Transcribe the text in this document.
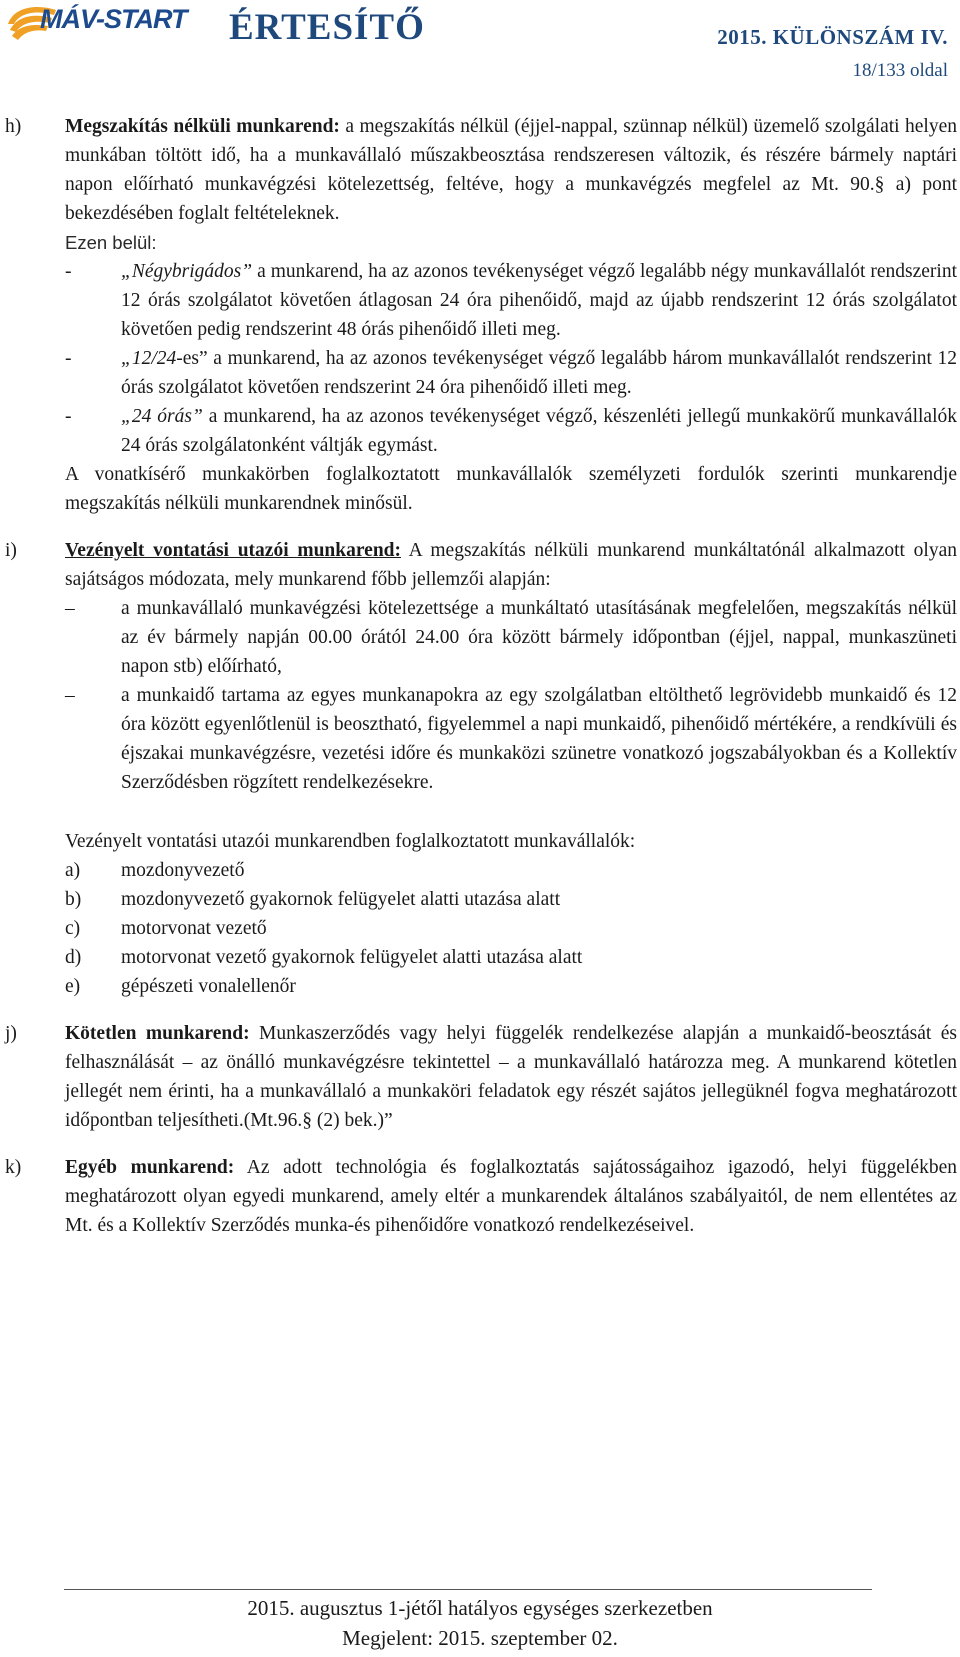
MÁV-START ÉRTESÍTŐ	2015. KÜLÖNSZÁM IV.
18/133 oldal
h) Megszakítás nélküli munkarend: a megszakítás nélkül (éjjel-nappal, szünnap nélkül) üzemelő szolgálati helyen munkában töltött idő, ha a munkavállaló műszakbeosztása rendszeresen változik, és részére bármely naptári napon előírható munkavégzési kötelezettség, feltéve, hogy a munkavégzés megfelel az Mt. 90.§ a) pont bekezdésében foglalt feltételeknek.

Ezen belül:
-	„Négybrigádos” a munkarend, ha az azonos tevékenységet végző legalább négy munkavállalót rendszerint 12 órás szolgálatot követően átlagosan 24 óra pihenőidő, majd az újabb rendszerint 12 órás szolgálatot követően pedig rendszerint 48 órás pihenőidő illeti meg.
-	„12/24-es” a munkarend, ha az azonos tevékenységet végző legalább három munkavállalót rendszerint 12 órás szolgálatot követően rendszerint 24 óra pihenőidő illeti meg.
-	„24 órás” a munkarend, ha az azonos tevékenységet végző, készenléti jellegű munkakörű munkavállalók 24 órás szolgálatonként váltják egymást.

A vonatkísérő munkakörben foglalkoztatott munkavállalók személyzeti fordulók szerinti munkarendje megszakítás nélküli munkarendnek minősül.

i) Vezényelt vontatási utazói munkarend: A megszakítás nélküli munkarend munkáltatónál alkalmazott olyan sajátságos módozata, mely munkarend főbb jellemzői alapján:

– a munkavállaló munkavégzési kötelezettsége a munkáltató utasításának megfelelően, megszakítás nélkül az év bármely napján 00.00 órától 24.00 óra között bármely időpontban (éjjel, nappal, munkaszüneti napon stb) előírható,
– a munkaidő tartama az egyes munkanapokra az egy szolgálatban eltölthető legrövidebb munkaidő és 12 óra között egyenlőtlenül is beosztható, figyelemmel a napi munkaidő, pihenőidő mértékére, a rendkívüli és éjszakai munkavégzésre, vezetési időre és munkaközi szünetre vonatkozó jogszabályokban és a Kollektív Szerződésben rögzített rendelkezésekre.
Vezényelt vontatási utazói munkarendben foglalkoztatott munkavállalók:
a) mozdonyvezető
b) mozdonyvezető gyakornok felügyelet alatti utazása alatt
c) motorvonat vezető
d) motorvonat vezető gyakornok felügyelet alatti utazása alatt
e) gépészeti vonalellenőr
j) Kötetlen munkarend: Munkaszerződés vagy helyi függelék rendelkezése alapján a munkaidő-beosztását és felhasználását – az önálló munkavégzésre tekintettel – a munkavállaló határozza meg. A munkarend kötetlen jellegét nem érinti, ha a munkavállaló a munkaköri feladatok egy részét sajátos jellegüknél fogva meghatározott időpontban teljesítheti.(Mt.96.§ (2) bek.)”

k) Egyéb munkarend: Az adott technológia és foglalkoztatás sajátosságaihoz igazodó, helyi függelékben meghatározott olyan egyedi munkarend, amely eltér a munkarendek általános szabályaitól, de nem ellentétes az Mt. és a Kollektív Szerződés munka-és pihenőidőre vonatkozó rendelkezéseivel.

2015. augusztus 1-jétől hatályos egységes szerkezetben
Megjelent: 2015. szeptember 02.
